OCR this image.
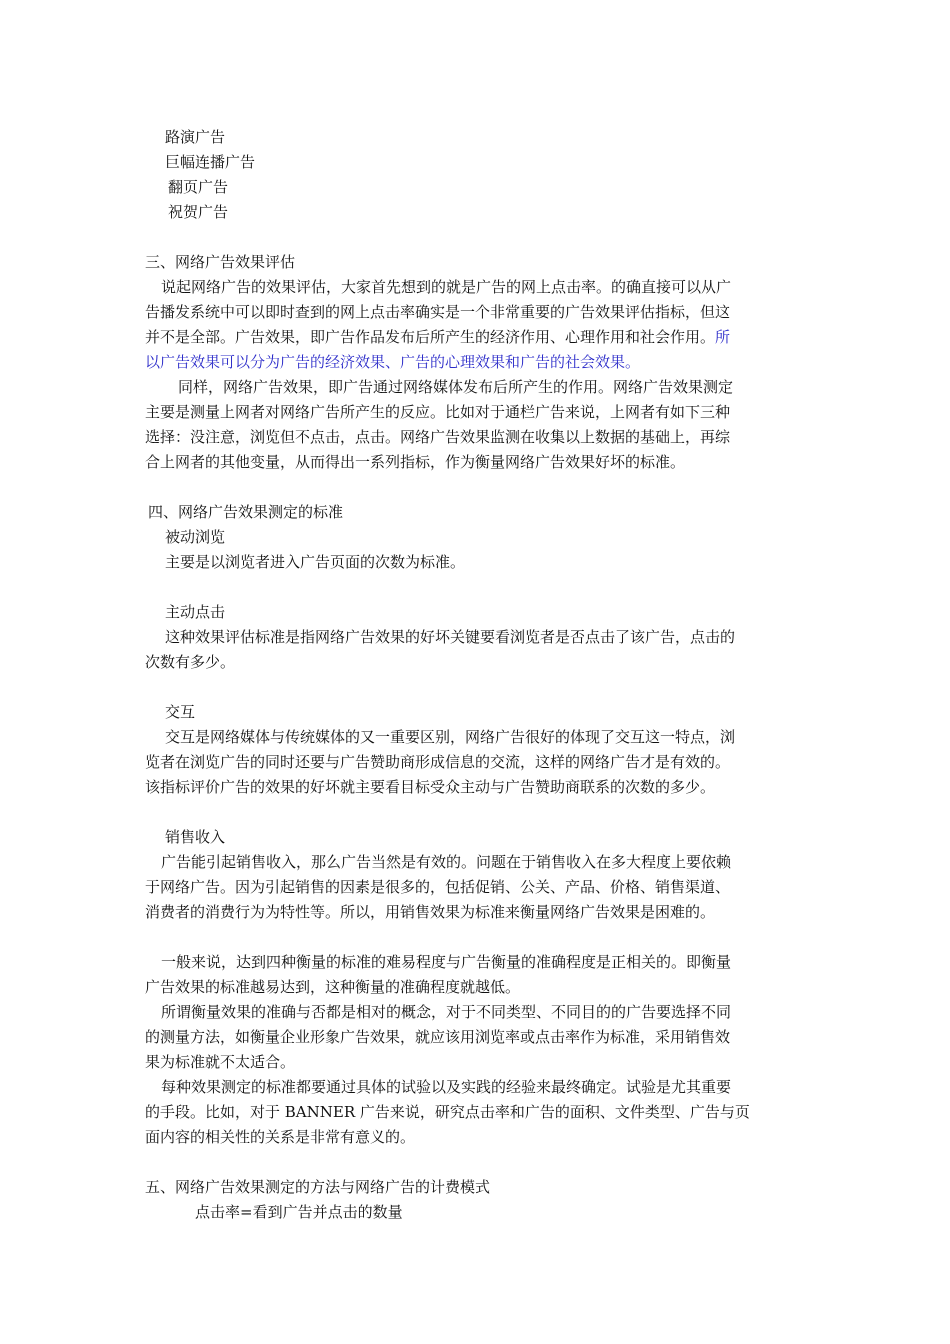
路演广告
巨幅连播广告
翻页广告
祝贺广告
三、网络广告效果评估
说起网络广告的效果评估，大家首先想到的就是广告的网上点击率。的确直接可以从广
告播发系统中可以即时查到的网上点击率确实是一个非常重要的广告效果评估指标，但这
并不是全部。广告效果，即广告作品发布后所产生的经济作用、心理作用和社会作用。所
以广告效果可以分为广告的经济效果、广告的心理效果和广告的社会效果。
同样，网络广告效果，即广告通过网络媒体发布后所产生的作用。网络广告效果测定
主要是测量上网者对网络广告所产生的反应。比如对于通栏广告来说，上网者有如下三种
选择：没注意，浏览但不点击，点击。网络广告效果监测在收集以上数据的基础上，再综
合上网者的其他变量，从而得出一系列指标，作为衡量网络广告效果好坏的标准。
四、网络广告效果测定的标准
被动浏览
主要是以浏览者进入广告页面的次数为标准。
主动点击
这种效果评估标准是指网络广告效果的好坏关键要看浏览者是否点击了该广告，点击的
次数有多少。
交互
交互是网络媒体与传统媒体的又一重要区别，网络广告很好的体现了交互这一特点，浏
览者在浏览广告的同时还要与广告赞助商形成信息的交流，这样的网络广告才是有效的。
该指标评价广告的效果的好坏就主要看目标受众主动与广告赞助商联系的次数的多少。
销售收入
广告能引起销售收入，那么广告当然是有效的。问题在于销售收入在多大程度上要依赖
于网络广告。因为引起销售的因素是很多的，包括促销、公关、产品、价格、销售渠道、
消费者的消费行为为特性等。所以，用销售效果为标准来衡量网络广告效果是困难的。
一般来说，达到四种衡量的标准的难易程度与广告衡量的准确程度是正相关的。即衡量
广告效果的标准越易达到，这种衡量的准确程度就越低。
所谓衡量效果的准确与否都是相对的概念，对于不同类型、不同目的的广告要选择不同
的测量方法，如衡量企业形象广告效果，就应该用浏览率或点击率作为标准，采用销售效
果为标准就不太适合。
每种效果测定的标准都要通过具体的试验以及实践的经验来最终确定。试验是尤其重要
的手段。比如，对于 BANNER 广告来说，研究点击率和广告的面积、文件类型、广告与页
面内容的相关性的关系是非常有意义的。
五、网络广告效果测定的方法与网络广告的计费模式
点击率=看到广告并点击的数量
